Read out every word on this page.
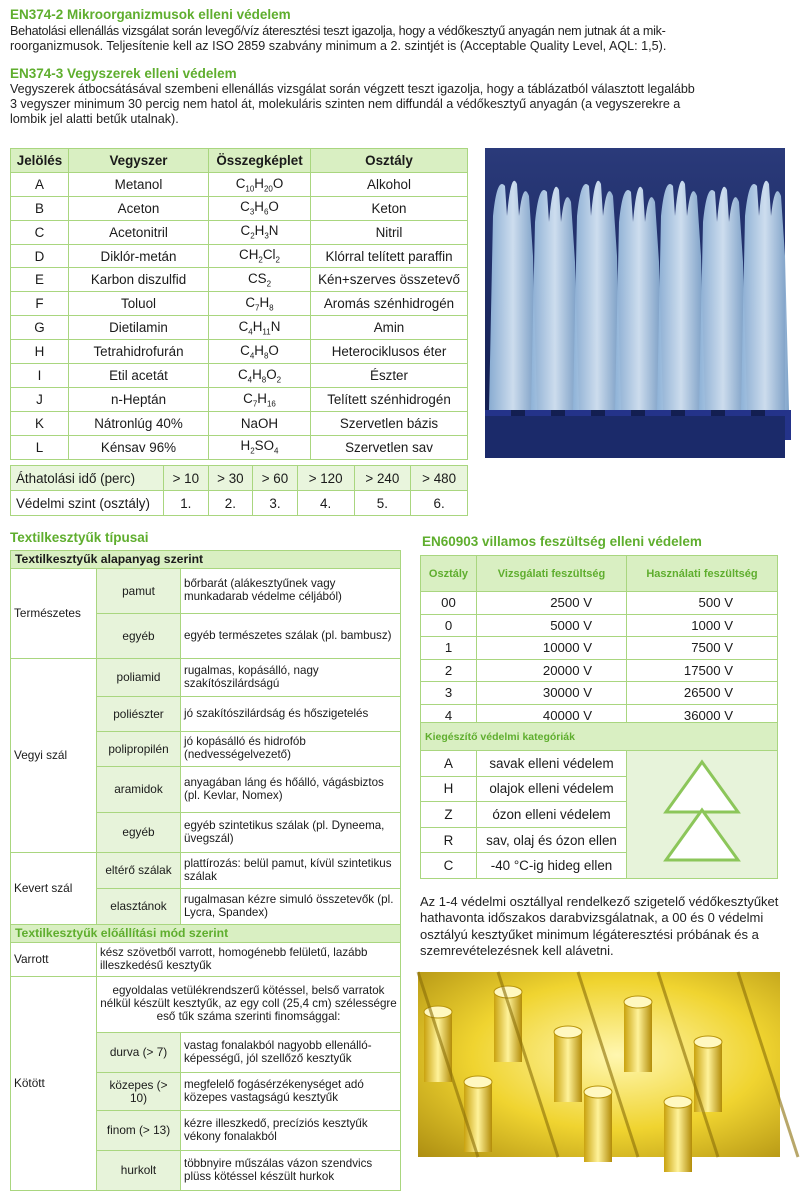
EN374-2 Mikroorganizmusok elleni védelem
Behatolási ellenállás vizsgálat során levegő/víz áteresztési teszt igazolja, hogy a védőkesztyű anyagán nem jutnak át a mik-
roorganizmusok. Teljesítenie kell az ISO 2859 szabvány minimum a 2. szintjét is (Acceptable Quality Level, AQL: 1,5).
EN374-3 Vegyszerek elleni védelem
Vegyszerek átbocsátásával szembeni ellenállás vizsgálat során végzett teszt igazolja, hogy a táblázatból választott legalább
3 vegyszer minimum 30 percig nem hatol át, molekuláris szinten nem diffundál a védőkesztyű anyagán (a vegyszerekre a
lombik jel alatti betűk utalnak).
Jelölés	Vegyszer	Összegképlet	Osztály
A	Metanol	$C_{10}H_{20}O$	Alkohol
B	Aceton	$C_3H_6O$	Keton
C	Acetonitril	$C_2H_3N$	Nitril
D	Diklór-metán	$CH_2Cl_2$	Klórral telített paraffin
E	Karbon diszulfid	$CS_2$	Kén+szerves összetevő
F	Toluol	$C_7H_8$	Aromás szénhidrogén
G	Dietilamin	$C_4H_{11}N$	Amin
H	Tetrahidrofurán	$C_4H_8O$	Heterociklusos éter
I	Etil acetát	$C_4H_8O_2$	Észter
J	n-Heptán	$C_7H_{16}$	Telített szénhidrogén
K	Nátronlúg 40%	NaOH	Szervetlen bázis
L	Kénsav 96%	$H_2SO_4$	Szervetlen sav
Áthatolási idő (perc)	> 10	> 30	> 60	> 120	> 240	> 480
Védelmi szint (osztály)	1.	2.	3.	4.	5.	6.
Textilkesztyűk típusai
Textilkesztyűk alapanyag szerint		
Természetes	pamut	bőrbarát (alákesztyűnek vagy munkadarab védelme céljából)
	egyéb	egyéb természetes szálak (pl. bambusz)
Vegyi szál	poliamid	rugalmas, kopásálló, nagy szakítószilárdságú
	poliészter	jó szakítószilárdság és hőszigetelés
	polipropilén	jó kopásálló és hidrofób (nedvességelvezető)
	aramidok	anyagában láng és hőálló, vágásbiztos (pl. Kevlar, Nomex)
	egyéb	egyéb szintetikus szálak (pl. Dyneema, üvegszál)
Kevert szál	eltérő szálak	plattírozás: belül pamut, kívül szintetikus szálak
	elasztánok	rugalmasan kézre simuló összetevők (pl. Lycra, Spandex)
Textilkesztyűk előállítási mód szerint		
Varrott	kész szövetből varrott, homogénebb felületű, lazább illeszkedésű kesztyűk	
Kötött	egyoldalas vetülékrendszerű kötéssel, belső varratok nélkül készült kesztyűk, az egy coll (25,4 cm) szélességre eső tűk száma szerinti finomsággal:	
	durva (> 7)	vastag fonalakból nagyobb ellenálló-képességű, jól szellőző kesztyűk
	közepes (> 10)	megfelelő fogásérzékenységet adó közepes vastagságú kesztyűk
	finom (> 13)	kézre illeszkedő, precíziós kesztyűk vékony fonalakból
	hurkolt	többnyire műszálas vázon szendvics plüss kötéssel készült hurkok
EN60903 villamos feszültség elleni védelem
Osztály	Vizsgálati feszültség	Használati feszültség
00	2500 V	500 V
0	5000 V	1000 V
1	10000 V	7500 V
2	20000 V	17500 V
3	30000 V	26500 V
4	40000 V	36000 V
Kiegészítő védelmi kategóriák		
A	savak elleni védelem	
H	olajok elleni védelem	
Z	ózon elleni védelem	
R	sav, olaj és ózon ellen	
C	-40 °C-ig hideg ellen	
Az 1-4 védelmi osztállyal rendelkező szigetelő védőkesztyűket hathavonta időszakos darabvizsgálatnak, a 00 és 0 védelmi osztályú kesztyűket minimum légáteresztési próbának és a szemrevételezésnek kell alávetni.
